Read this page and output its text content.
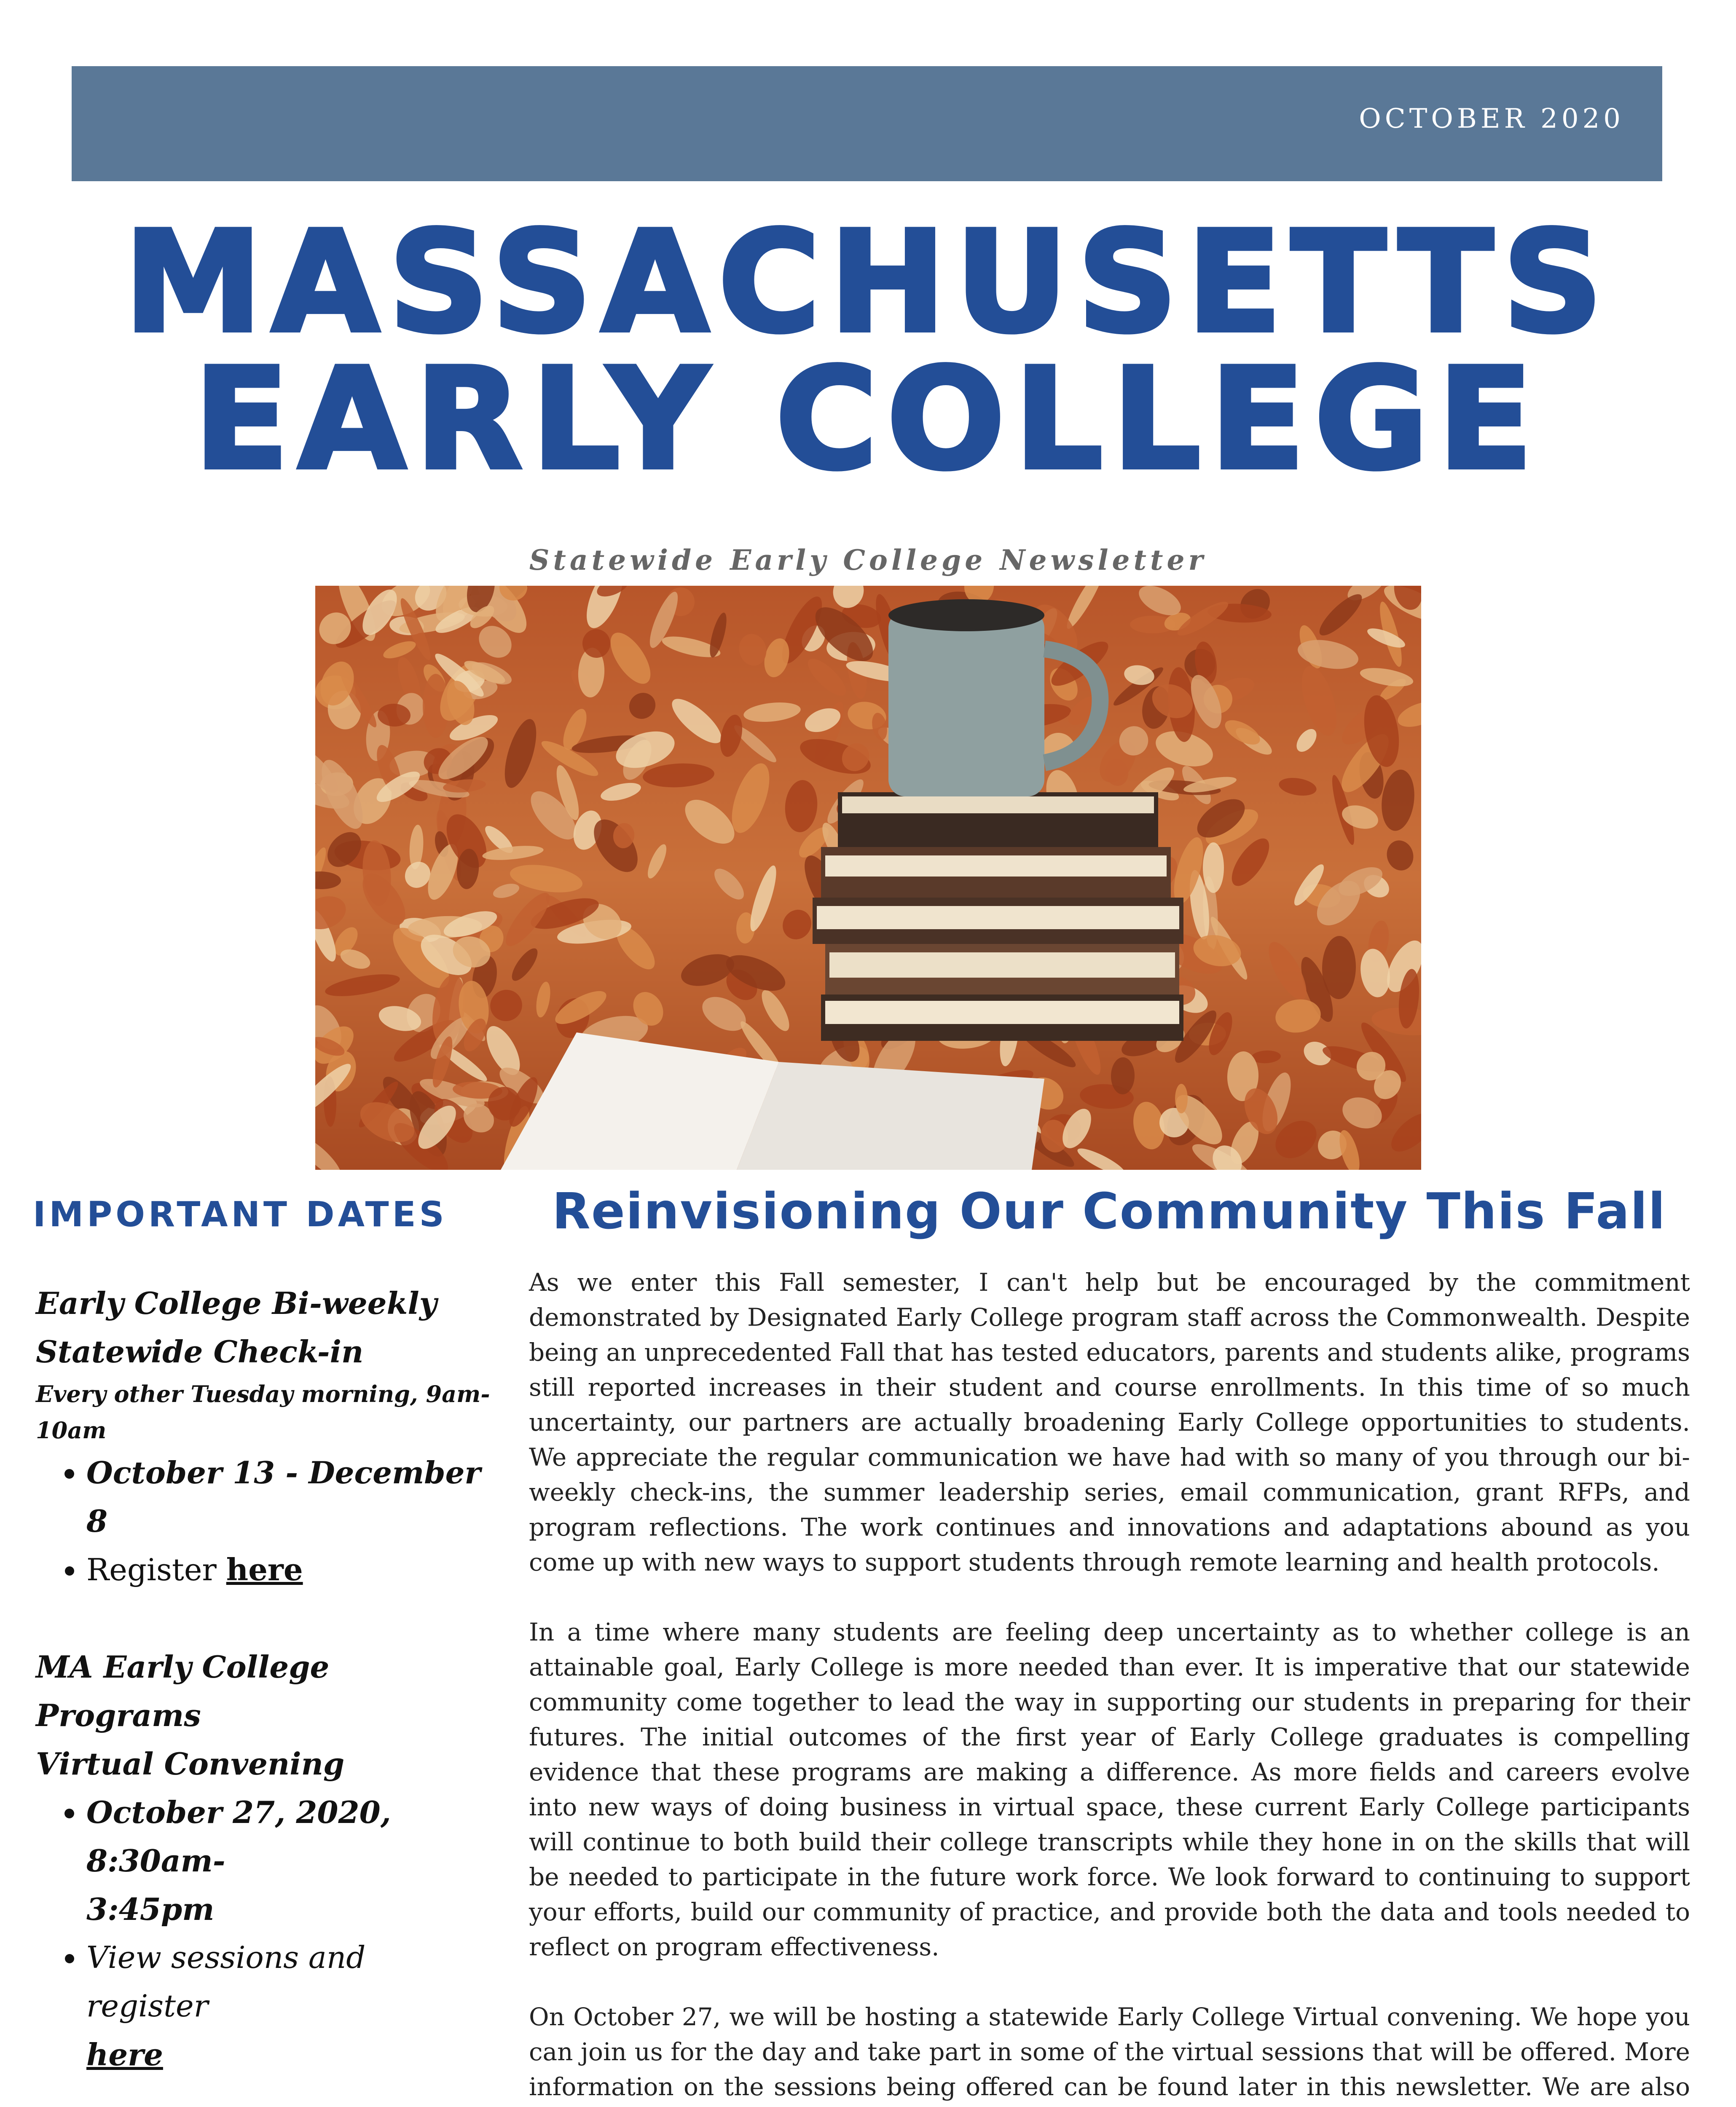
OCTOBER 2020
MASSACHUSETTS
EARLY COLLEGE
Statewide Early College Newsletter
IMPORTANT DATES Reinvisioning Our Community This Fall
Early College Bi-weekly
Statewide Check-in
Every other Tuesday morning, 9am-
10am
• October 13 - December 8
• Register here
MA Early College Programs
Virtual Convening
• October 27, 2020, 8:30am-
3:45pm
• View sessions and register
here

As we enter this Fall semester, I can't help but be encouraged by the commitment demonstrated by Designated Early College program staff across the Commonwealth. Despite being an unprecedented Fall that has tested educators, parents and students alike, programs still reported increases in their student and course enrollments. In this time of so much uncertainty, our partners are actually broadening Early College opportunities to students. We appreciate the regular communication we have had with so many of you through our bi-weekly check-ins, the summer leadership series, email communication, grant RFPs, and program reflections. The work continues and innovations and adaptations abound as you come up with new ways to support students through remote learning and health protocols.

In a time where many students are feeling deep uncertainty as to whether college is an attainable goal, Early College is more needed than ever. It is imperative that our statewide community come together to lead the way in supporting our students in preparing for their futures. The initial outcomes of the first year of Early College graduates is compelling evidence that these programs are making a difference. As more fields and careers evolve into new ways of doing business in virtual space, these current Early College participants will continue to both build their college transcripts while they hone in on the skills that will be needed to participate in the future work force. We look forward to continuing to support your efforts, build our community of practice, and provide both the data and tools needed to reflect on program effectiveness.

On October 27, we will be hosting a statewide Early College Virtual convening. We hope you can join us for the day and take part in some of the virtual sessions that will be offered. More information on the sessions being offered can be found later in this newsletter. We are also
